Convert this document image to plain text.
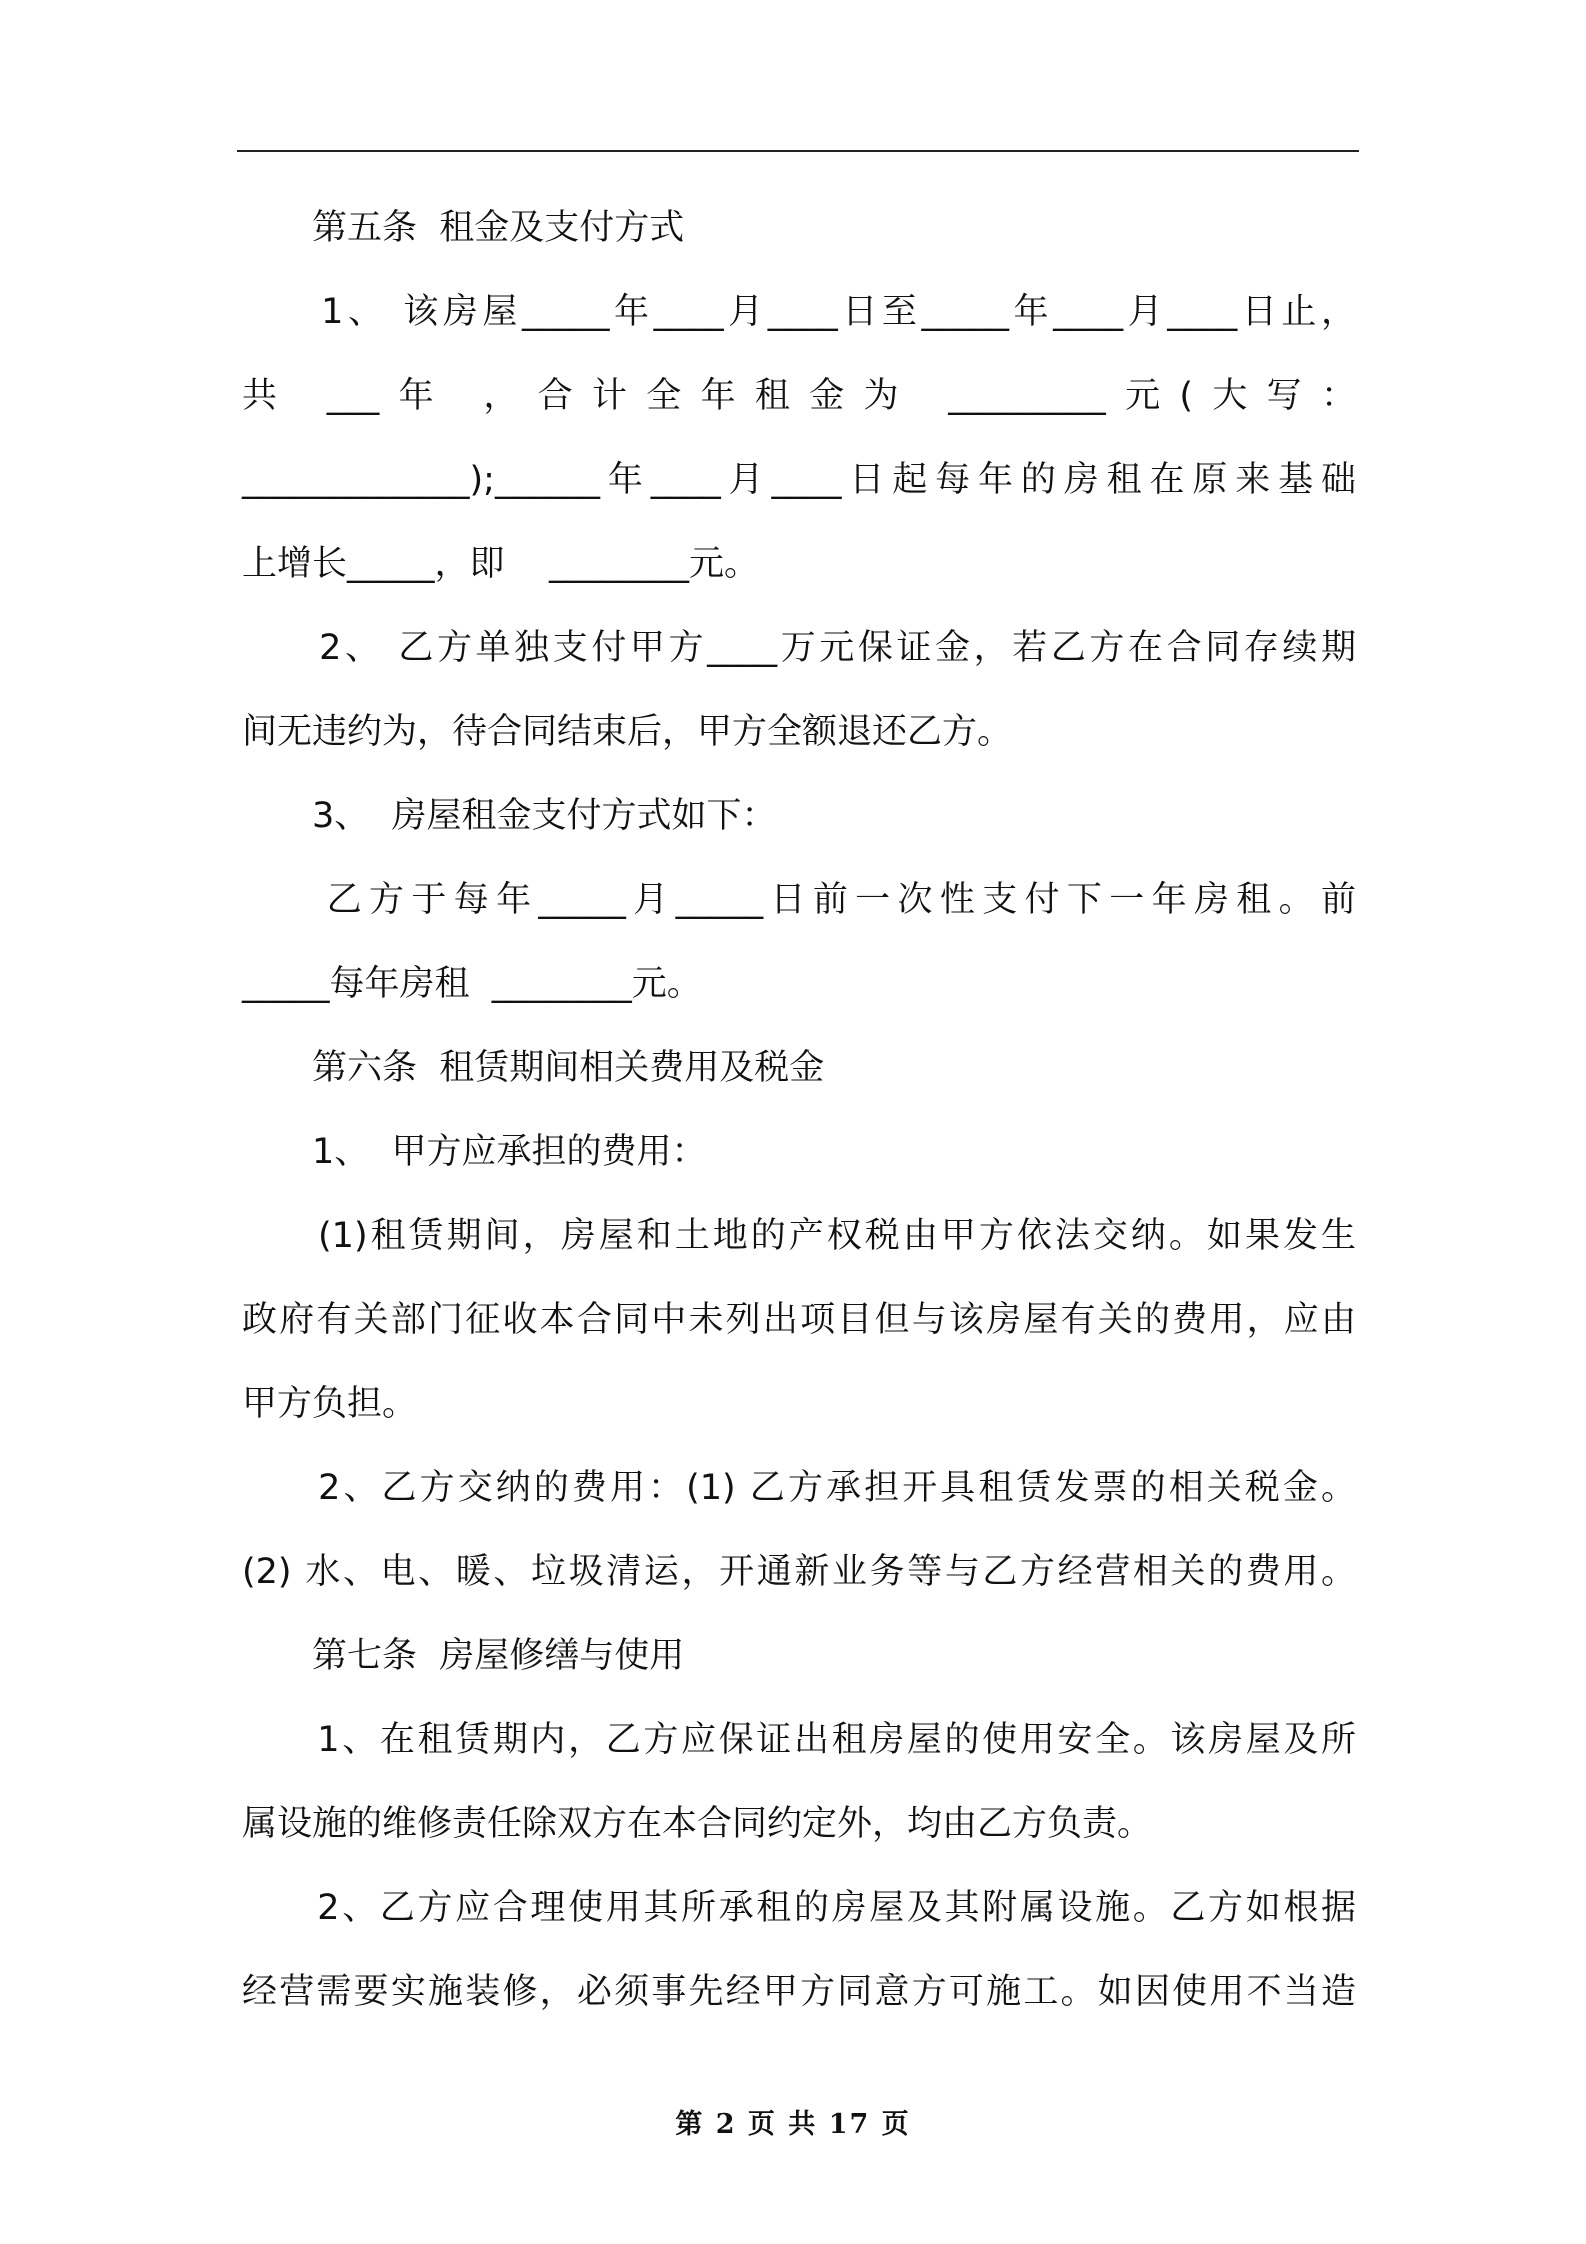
　　第五条  租金及支付方式
　　1、 该房屋_____年____月____日至_____年____月____日止，
共 ___年 ，合计全年租金为 _________元(大写：
_____________);______年____月____日起每年的房租在原来基础
上增长_____，即    ________元。
　　2、 乙方单独支付甲方____万元保证金，若乙方在合同存续期
间无违约为，待合同结束后，甲方全额退还乙方。
　　3、  房屋租金支付方式如下：
　　乙方于每年_____月_____日前一次性支付下一年房租。前
_____每年房租  ________元。
　　第六条  租赁期间相关费用及税金
　　1、  甲方应承担的费用：
　　(1)租赁期间，房屋和土地的产权税由甲方依法交纳。如果发生
政府有关部门征收本合同中未列出项目但与该房屋有关的费用，应由
甲方负担。
　　2、乙方交纳的费用：(1) 乙方承担开具租赁发票的相关税金。
(2) 水、电、暖、垃圾清运，开通新业务等与乙方经营相关的费用。
　　第七条  房屋修缮与使用
　　1、在租赁期内，乙方应保证出租房屋的使用安全。该房屋及所
属设施的维修责任除双方在本合同约定外，均由乙方负责。
　　2、乙方应合理使用其所承租的房屋及其附属设施。乙方如根据
经营需要实施装修，必须事先经甲方同意方可施工。如因使用不当造
第 2 页 共 17 页
